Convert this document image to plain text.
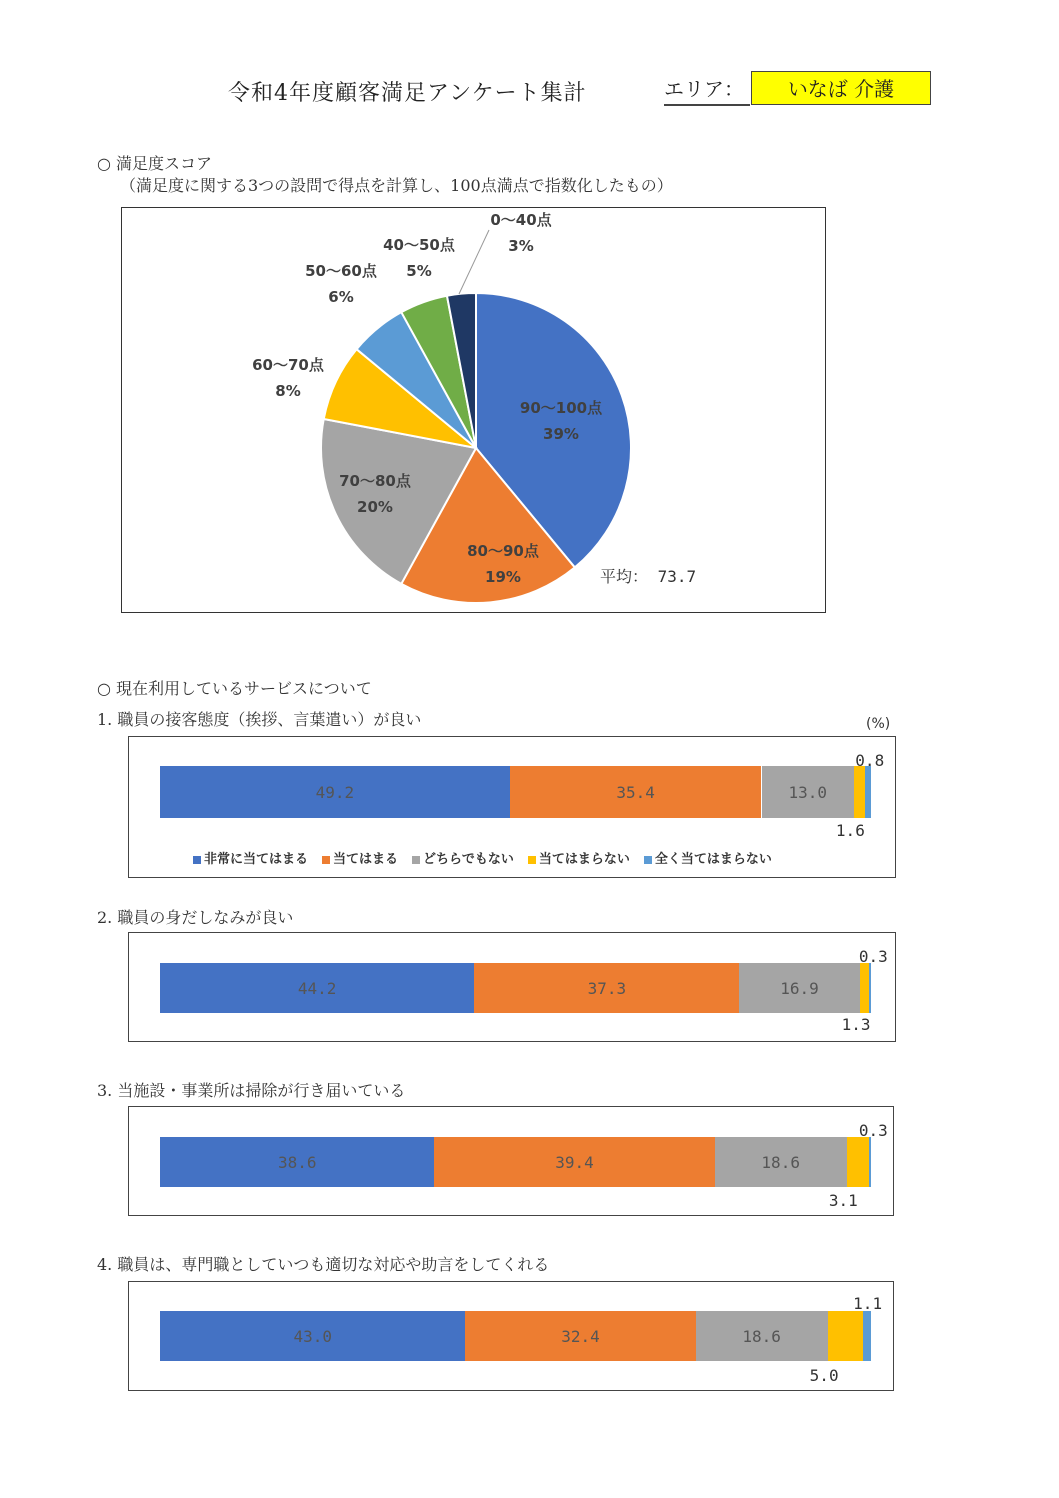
令和4年度顧客満足アンケート集計	エリア：	いなば 介護
○ 満足度スコア
（満足度に関する3つの設問で得点を計算し、100点満点で指数化したもの）
90～100点
39%
80～90点
19%
70～80点
20%
60～70点
8%
50～60点
6%
40～50点
5%
0～40点
3%
平均： 73.7
○ 現在利用しているサービスについて
1. 職員の接客態度（挨拶、言葉遣い）が良い	(%)
49.2	35.4	13.0
0.8
1.6
非常に当てはまる	当てはまる	どちらでもない	当てはまらない	全く当てはまらない
2. 職員の身だしなみが良い
44.2	37.3	16.9
0.3
1.3
3. 当施設・事業所は掃除が行き届いている
38.6	39.4	18.6
0.3
3.1
4. 職員は、専門職としていつも適切な対応や助言をしてくれる
43.0	32.4	18.6
1.1
5.0
